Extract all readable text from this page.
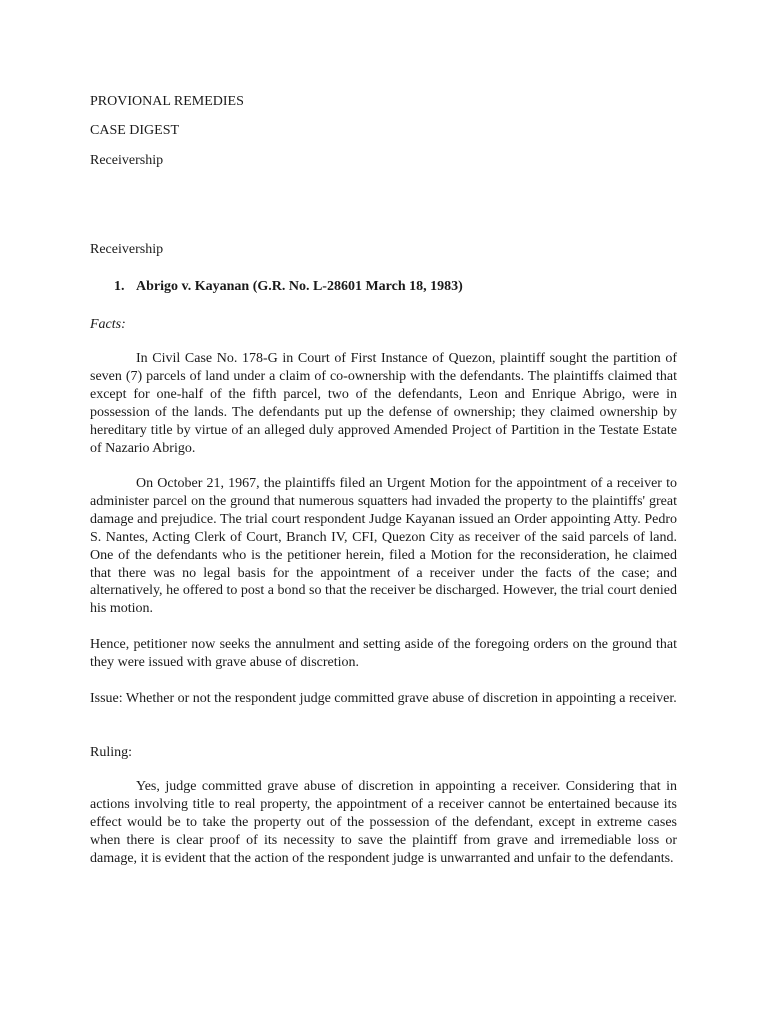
PROVIONAL REMEDIES

CASE DIGEST

Receivership

Receivership

1. Abrigo v. Kayanan (G.R. No. L-28601 March 18, 1983)

Facts:

In Civil Case No. 178-G in Court of First Instance of Quezon, plaintiff sought the partition of seven (7) parcels of land under a claim of co-ownership with the defendants. The plaintiffs claimed that except for one-half of the fifth parcel, two of the defendants, Leon and Enrique Abrigo, were in possession of the lands. The defendants put up the defense of ownership; they claimed ownership by hereditary title by virtue of an alleged duly approved Amended Project of Partition in the Testate Estate of Nazario Abrigo.

On October 21, 1967, the plaintiffs filed an Urgent Motion for the appointment of a receiver to administer parcel on the ground that numerous squatters had invaded the property to the plaintiffs' great damage and prejudice. The trial court respondent Judge Kayanan issued an Order appointing Atty. Pedro S. Nantes, Acting Clerk of Court, Branch IV, CFI, Quezon City as receiver of the said parcels of land. One of the defendants who is the petitioner herein, filed a Motion for the reconsideration, he claimed that there was no legal basis for the appointment of a receiver under the facts of the case; and alternatively, he offered to post a bond so that the receiver be discharged. However, the trial court denied his motion.

Hence, petitioner now seeks the annulment and setting aside of the foregoing orders on the ground that they were issued with grave abuse of discretion.

Issue: Whether or not the respondent judge committed grave abuse of discretion in appointing a receiver.

Ruling:

Yes, judge committed grave abuse of discretion in appointing a receiver. Considering that in actions involving title to real property, the appointment of a receiver cannot be entertained because its effect would be to take the property out of the possession of the defendant, except in extreme cases when there is clear proof of its necessity to save the plaintiff from grave and irremediable loss or damage, it is evident that the action of the respondent judge is unwarranted and unfair to the defendants.
